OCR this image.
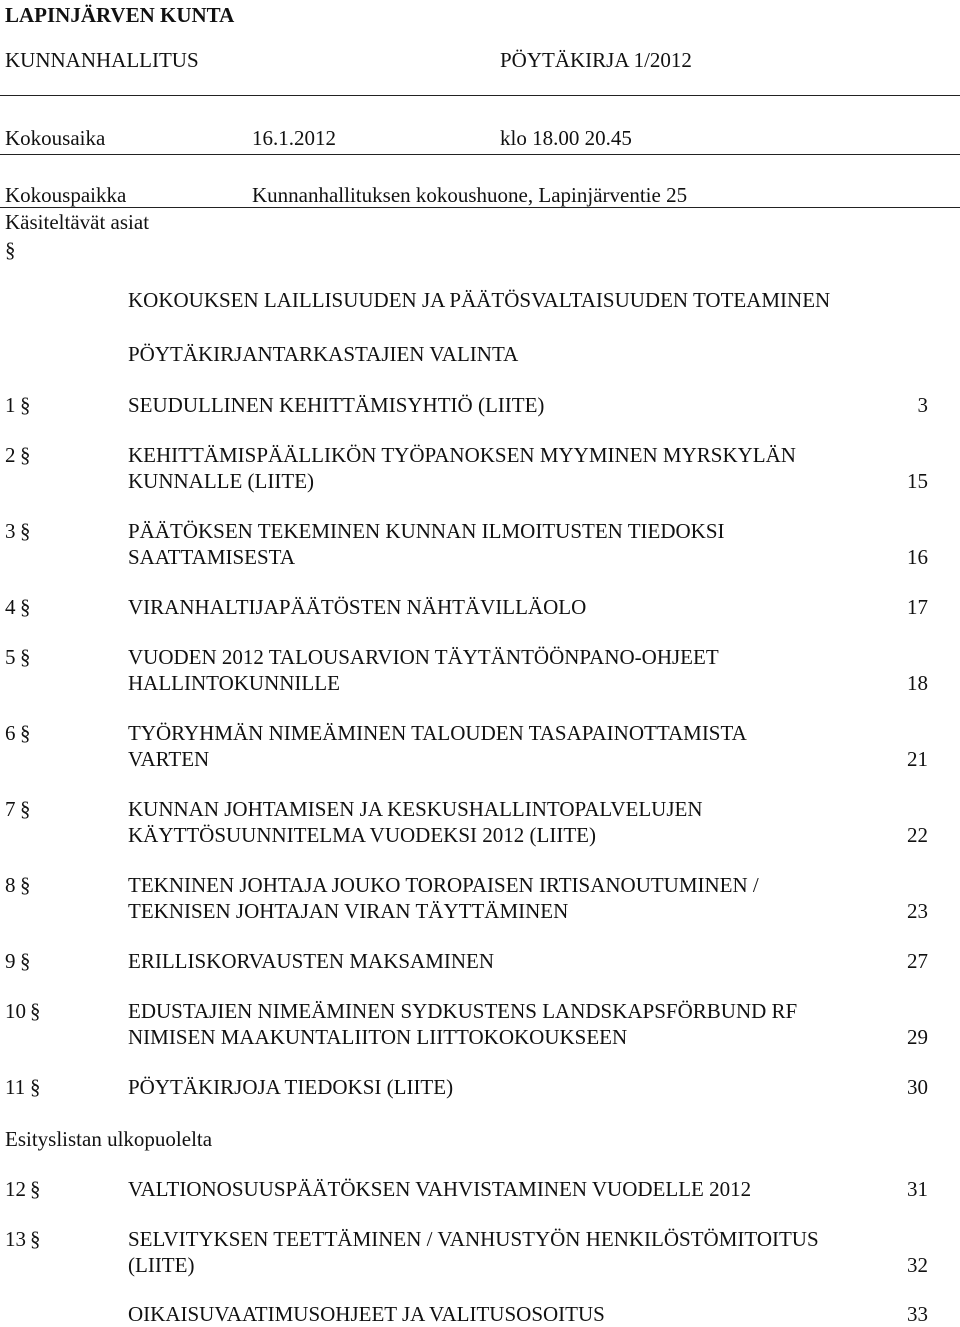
LAPINJÄRVEN KUNTA
KUNNANHALLITUS	PÖYTÄKIRJA 1/2012
Kokousaika	16.1.2012	klo 18.00 20.45
Kokouspaikka	Kunnanhallituksen kokoushuone, Lapinjärventie 25
Käsiteltävät asiat
§
KOKOUKSEN LAILLISUUDEN JA PÄÄTÖSVALTAISUUDEN TOTEAMINEN
PÖYTÄKIRJANTARKASTAJIEN VALINTA
1 §	SEUDULLINEN KEHITTÄMISYHTIÖ (LIITE)	3
2 §	KEHITTÄMISPÄÄLLIKÖN TYÖPANOKSEN MYYMINEN MYRSKYLÄN
KUNNALLE (LIITE)	15
3 §	PÄÄTÖKSEN TEKEMINEN KUNNAN ILMOITUSTEN TIEDOKSI
SAATTAMISESTA	16
4 §	VIRANHALTIJAPÄÄTÖSTEN NÄHTÄVILLÄOLO	17
5 §	VUODEN 2012 TALOUSARVION TÄYTÄNTÖÖNPANO-OHJEET
HALLINTOKUNNILLE	18
6 §	TYÖRYHMÄN NIMEÄMINEN TALOUDEN TASAPAINOTTAMISTA
VARTEN	21
7 §	KUNNAN JOHTAMISEN JA KESKUSHALLINTOPALVELUJEN
KÄYTTÖSUUNNITELMA VUODEKSI 2012 (LIITE)	22
8 §	TEKNINEN JOHTAJA JOUKO TOROPAISEN IRTISANOUTUMINEN /
TEKNISEN JOHTAJAN VIRAN TÄYTTÄMINEN	23
9 §	ERILLISKORVAUSTEN MAKSAMINEN	27
10 §	EDUSTAJIEN NIMEÄMINEN SYDKUSTENS LANDSKAPSFÖRBUND RF
NIMISEN MAAKUNTALIITON LIITTOKOKOUKSEEN	29
11 §	PÖYTÄKIRJOJA TIEDOKSI (LIITE)	30
Esityslistan ulkopuolelta
12 §	VALTIONOSUUSPÄÄTÖKSEN VAHVISTAMINEN VUODELLE 2012	31
13 §	SELVITYKSEN TEETTÄMINEN / VANHUSTYÖN HENKILÖSTÖMITOITUS
(LIITE)	32
OIKAISUVAATIMUSOHJEET JA VALITUSOSOITUS	33
